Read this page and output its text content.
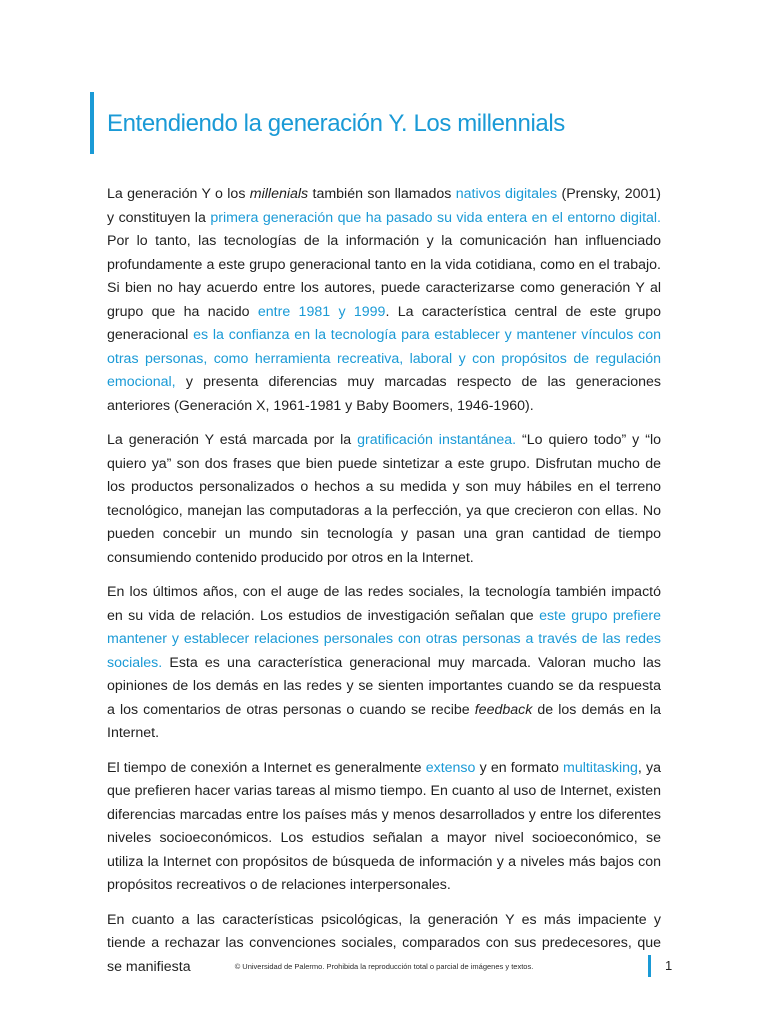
Entendiendo la generación Y. Los millennials

La generación Y o los millenials también son llamados nativos digitales (Prensky, 2001) y constituyen la primera generación que ha pasado su vida entera en el entorno digital. Por lo tanto, las tecnologías de la información y la comunicación han influenciado profundamente a este grupo generacional tanto en la vida cotidiana, como en el trabajo. Si bien no hay acuerdo entre los autores, puede caracterizarse como generación Y al grupo que ha nacido entre 1981 y 1999. La característica central de este grupo generacional es la confianza en la tecnología para establecer y mantener vínculos con otras personas, como herramienta recreativa, laboral y con propósitos de regulación emocional, y presenta diferencias muy marcadas respecto de las generaciones anteriores (Generación X, 1961-1981 y Baby Boomers, 1946-1960).

La generación Y está marcada por la gratificación instantánea. “Lo quiero todo” y “lo quiero ya” son dos frases que bien puede sintetizar a este grupo. Disfrutan mucho de los productos personalizados o hechos a su medida y son muy hábiles en el terreno tecnológico, manejan las computadoras a la perfección, ya que crecieron con ellas. No pueden concebir un mundo sin tecnología y pasan una gran cantidad de tiempo consumiendo contenido producido por otros en la Internet.

En los últimos años, con el auge de las redes sociales, la tecnología también impactó en su vida de relación. Los estudios de investigación señalan que este grupo prefiere mantener y establecer relaciones personales con otras personas a través de las redes sociales. Esta es una característica generacional muy marcada. Valoran mucho las opiniones de los demás en las redes y se sienten importantes cuando se da respuesta a los comentarios de otras personas o cuando se recibe feedback de los demás en la Internet.

El tiempo de conexión a Internet es generalmente extenso y en formato multitasking, ya que prefieren hacer varias tareas al mismo tiempo. En cuanto al uso de Internet, existen diferencias marcadas entre los países más y menos desarrollados y entre los diferentes niveles socioeconómicos. Los estudios señalan a mayor nivel socioeconómico, se utiliza la Internet con propósitos de búsqueda de información y a niveles más bajos con propósitos recreativos o de relaciones interpersonales.

En cuanto a las características psicológicas, la generación Y es más impaciente y tiende a rechazar las convenciones sociales, comparados con sus predecesores, que se manifiesta	© Universidad de Palermo. Prohibida la reproducción total o parcial de imágenes y textos.	1
